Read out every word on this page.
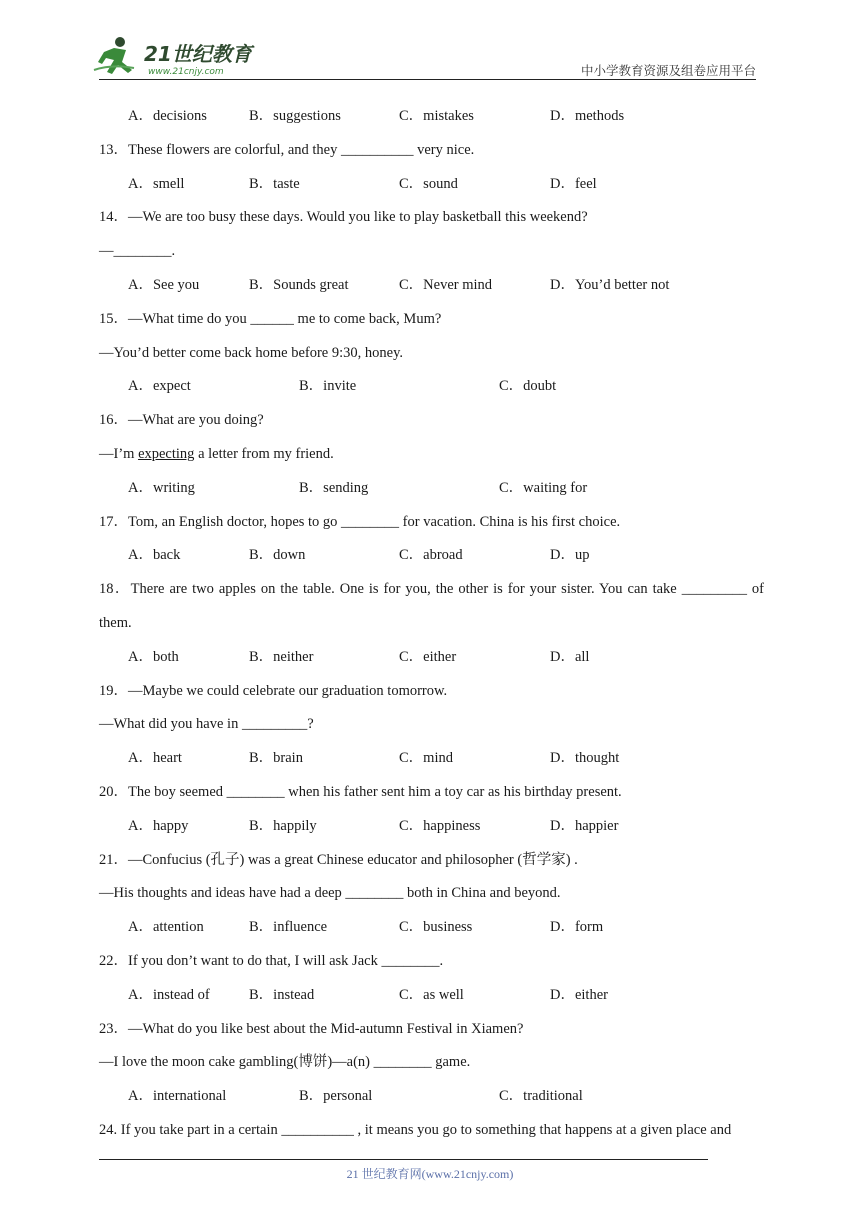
21世纪教育
www.21cnjy.com	中小学教育资源及组卷应用平台
A．decisions	B．suggestions	C．mistakes	D．methods
13．These flowers are colorful, and they __________ very nice.
A．smell	B．taste	C．sound	D．feel
14．—We are too busy these days. Would you like to play basketball this weekend?
—________.
A．See you	B．Sounds great	C．Never mind	D．You’d better not
15．—What time do you ______ me to come back, Mum?
—You’d better come back home before 9:30, honey.
A．expect	B．invite	C．doubt
16．—What are you doing?
—I’m expecting a letter from my friend.
A．writing	B．sending	C．waiting for
17．Tom, an English doctor, hopes to go ________ for vacation. China is his first choice.
A．back	B．down	C．abroad	D．up
18．There are two apples on the table. One is for you, the other is for your sister. You can take _________ of them.
A．both	B．neither	C．either	D．all
19．—Maybe we could celebrate our graduation tomorrow.
—What did you have in _________?
A．heart	B．brain	C．mind	D．thought
20．The boy seemed ________ when his father sent him a toy car as his birthday present.
A．happy	B．happily	C．happiness	D．happier
21．—Confucius (孔子) was a great Chinese educator and philosopher (哲学家) .
—His thoughts and ideas have had a deep ________ both in China and beyond.
A．attention	B．influence	C．business	D．form
22．If you don’t want to do that, I will ask Jack ________.
A．instead of	B．instead	C．as well	D．either
23．—What do you like best about the Mid-autumn Festival in Xiamen?
—I love the moon cake gambling(博饼)—a(n) ________ game.
A．international	B．personal	C．traditional
24. If you take part in a certain __________ , it means you go to something that happens at a given place and
21 世纪教育网(www.21cnjy.com)
